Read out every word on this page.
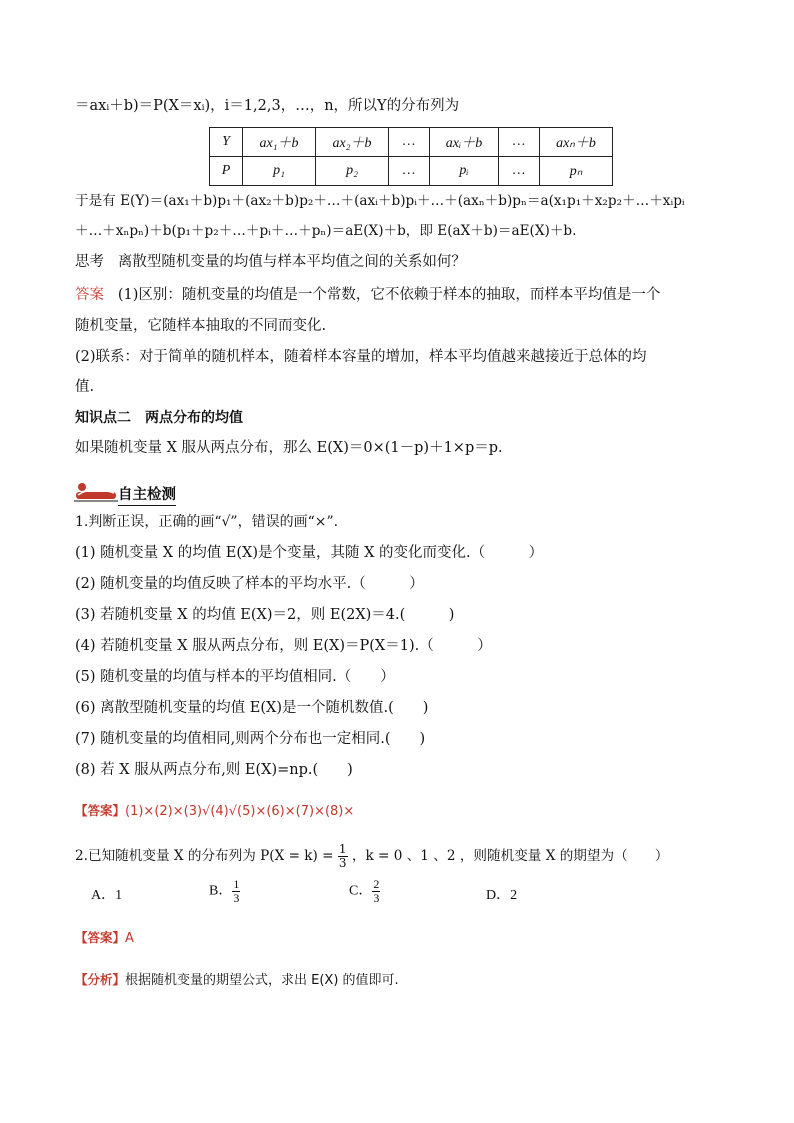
＝axᵢ＋b)＝P(X＝xᵢ)，i＝1,2,3，…，n，所以Y的分布列为
Y	ax₁＋b	ax₂＋b	…	axᵢ＋b	…	axₙ＋b
P	p₁	p₂	…	pᵢ	…	pₙ
于是有 E(Y)＝(ax₁＋b)p₁＋(ax₂＋b)p₂＋…＋(axᵢ＋b)pᵢ＋…＋(axₙ＋b)pₙ＝a(x₁p₁＋x₂p₂＋…＋xᵢpᵢ
＋…＋xₙpₙ)＋b(p₁＋p₂＋…＋pᵢ＋…＋pₙ)＝aE(X)＋b，即 E(aX＋b)＝aE(X)＋b.
思考 离散型随机变量的均值与样本平均值之间的关系如何？
答案 (1)区别：随机变量的均值是一个常数，它不依赖于样本的抽取，而样本平均值是一个
随机变量，它随样本抽取的不同而变化.
(2)联系：对于简单的随机样本，随着样本容量的增加，样本平均值越来越接近于总体的均
值.
知识点二　两点分布的均值
如果随机变量 X 服从两点分布，那么 E(X)＝0×(1－p)＋1×p＝p.
自主检测
1.判断正误，正确的画“√”，错误的画“×”.
(1) 随机变量 X 的均值 E(X)是个变量，其随 X 的变化而变化.（　　　）
(2) 随机变量的均值反映了样本的平均水平.（　　　）
(3) 若随机变量 X 的均值 E(X)＝2，则 E(2X)＝4.(　　　)
(4) 若随机变量 X 服从两点分布，则 E(X)＝P(X＝1).（　　　）
(5) 随机变量的均值与样本的平均值相同.（　　）
(6) 离散型随机变量的均值 E(X)是一个随机数值.(　　)
(7) 随机变量的均值相同,则两个分布也一定相同.(　　)
(8) 若 X 服从两点分布,则 E(X)=np.(　　)
【答案】(1)×(2)×(3)√(4)√(5)×(6)×(7)×(8)×
2.已知随机变量 X 的分布列为 $P(X = k) = \frac{1}{3}$ ，k = 0 、1 、2 ，则随机变量 X 的期望为（　　）
A．1	B． $\frac{1}{3}$	C． $\frac{2}{3}$	D．2
【答案】A
【分析】根据随机变量的期望公式，求出 E(X) 的值即可.
